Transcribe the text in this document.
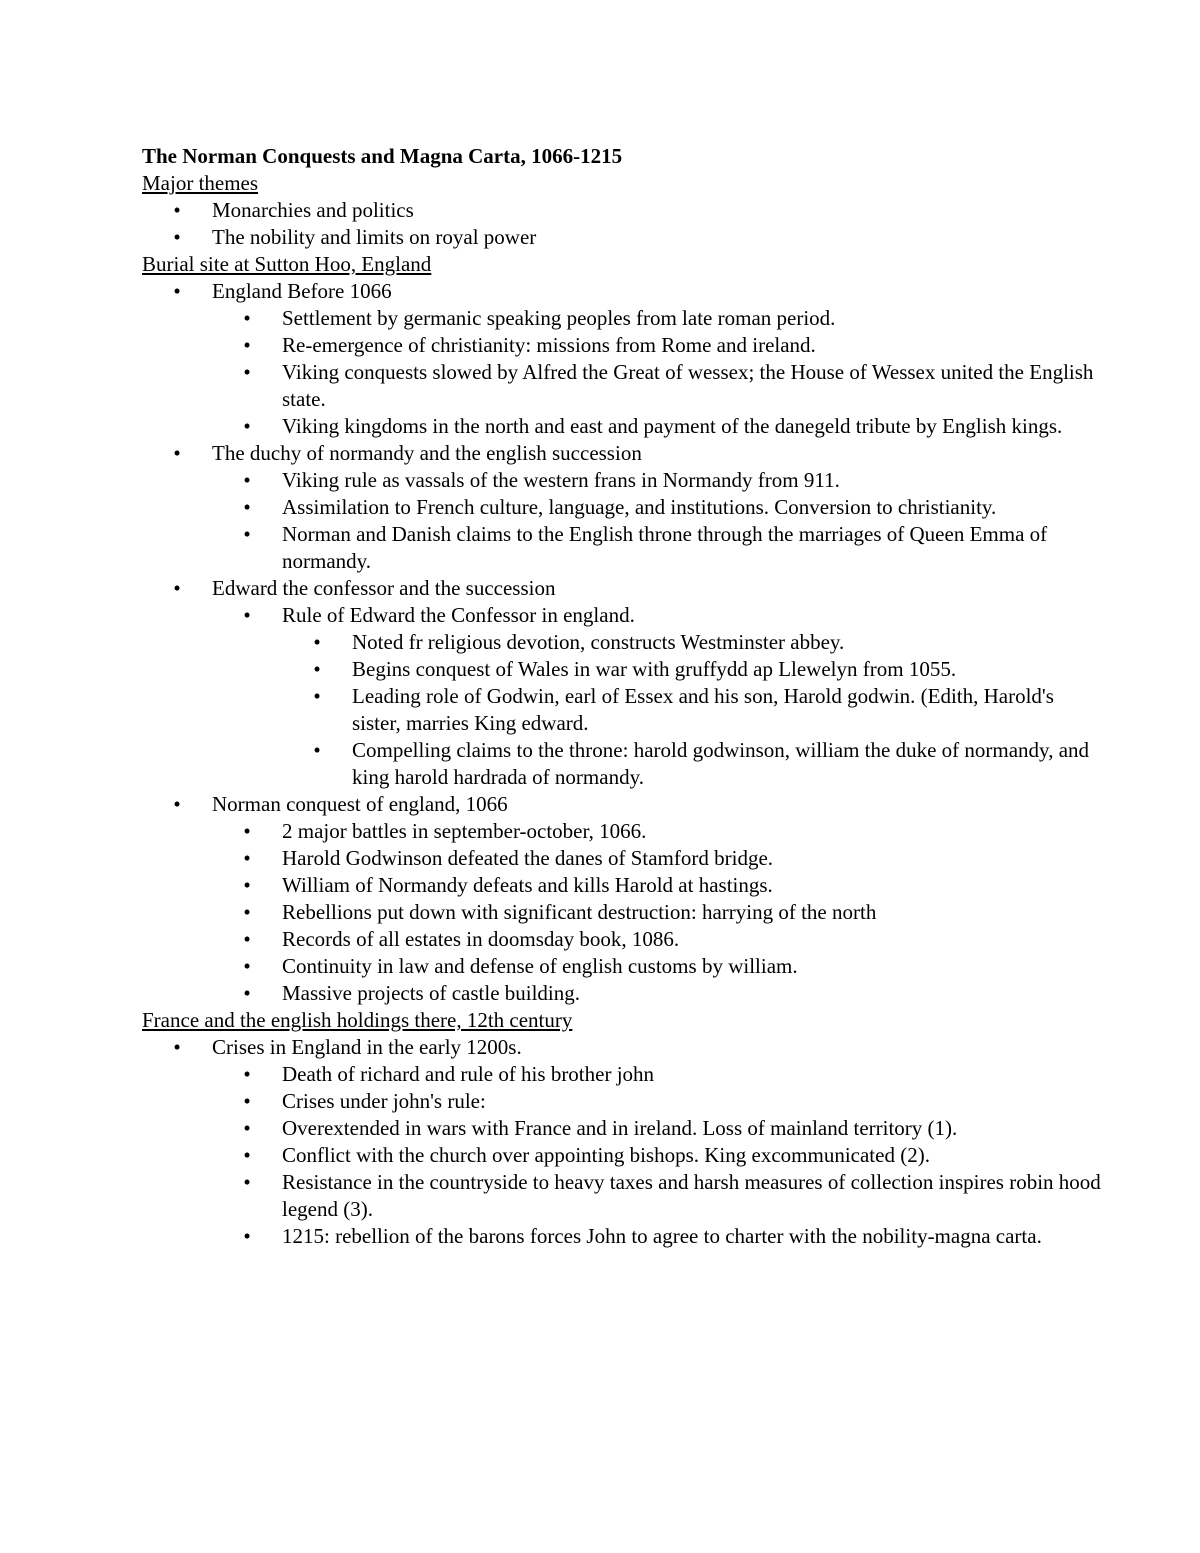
The Norman Conquests and Magna Carta, 1066-1215

Major themes

• Monarchies and politics
• The nobility and limits on royal power

Burial site at Sutton Hoo, England

• England Before 1066
• Settlement by germanic speaking peoples from late roman period.
• Re-emergence of christianity: missions from Rome and ireland.
• Viking conquests slowed by Alfred the Great of wessex; the House of Wessex united the English state.
• Viking kingdoms in the north and east and payment of the danegeld tribute by English kings.
• The duchy of normandy and the english succession
• Viking rule as vassals of the western frans in Normandy from 911.
• Assimilation to French culture, language, and institutions. Conversion to christianity.
• Norman and Danish claims to the English throne through the marriages of Queen Emma of normandy.
• Edward the confessor and the succession
• Rule of Edward the Confessor in england.
• Noted fr religious devotion, constructs Westminster abbey.
• Begins conquest of Wales in war with gruffydd ap Llewelyn from 1055.
• Leading role of Godwin, earl of Essex and his son, Harold godwin. (Edith, Harold's sister, marries King edward.
• Compelling claims to the throne: harold godwinson, william the duke of normandy, and king harold hardrada of normandy.
• Norman conquest of england, 1066
• 2 major battles in september-october, 1066.
• Harold Godwinson defeated the danes of Stamford bridge.
• William of Normandy defeats and kills Harold at hastings.
• Rebellions put down with significant destruction: harrying of the north
• Records of all estates in doomsday book, 1086.
• Continuity in law and defense of english customs by william.
• Massive projects of castle building.

France and the english holdings there, 12th century

• Crises in England in the early 1200s.
• Death of richard and rule of his brother john
• Crises under john's rule:
• Overextended in wars with France and in ireland. Loss of mainland territory (1).
• Conflict with the church over appointing bishops. King excommunicated (2).
• Resistance in the countryside to heavy taxes and harsh measures of collection inspires robin hood legend (3).
• 1215: rebellion of the barons forces John to agree to charter with the nobility-magna carta.
